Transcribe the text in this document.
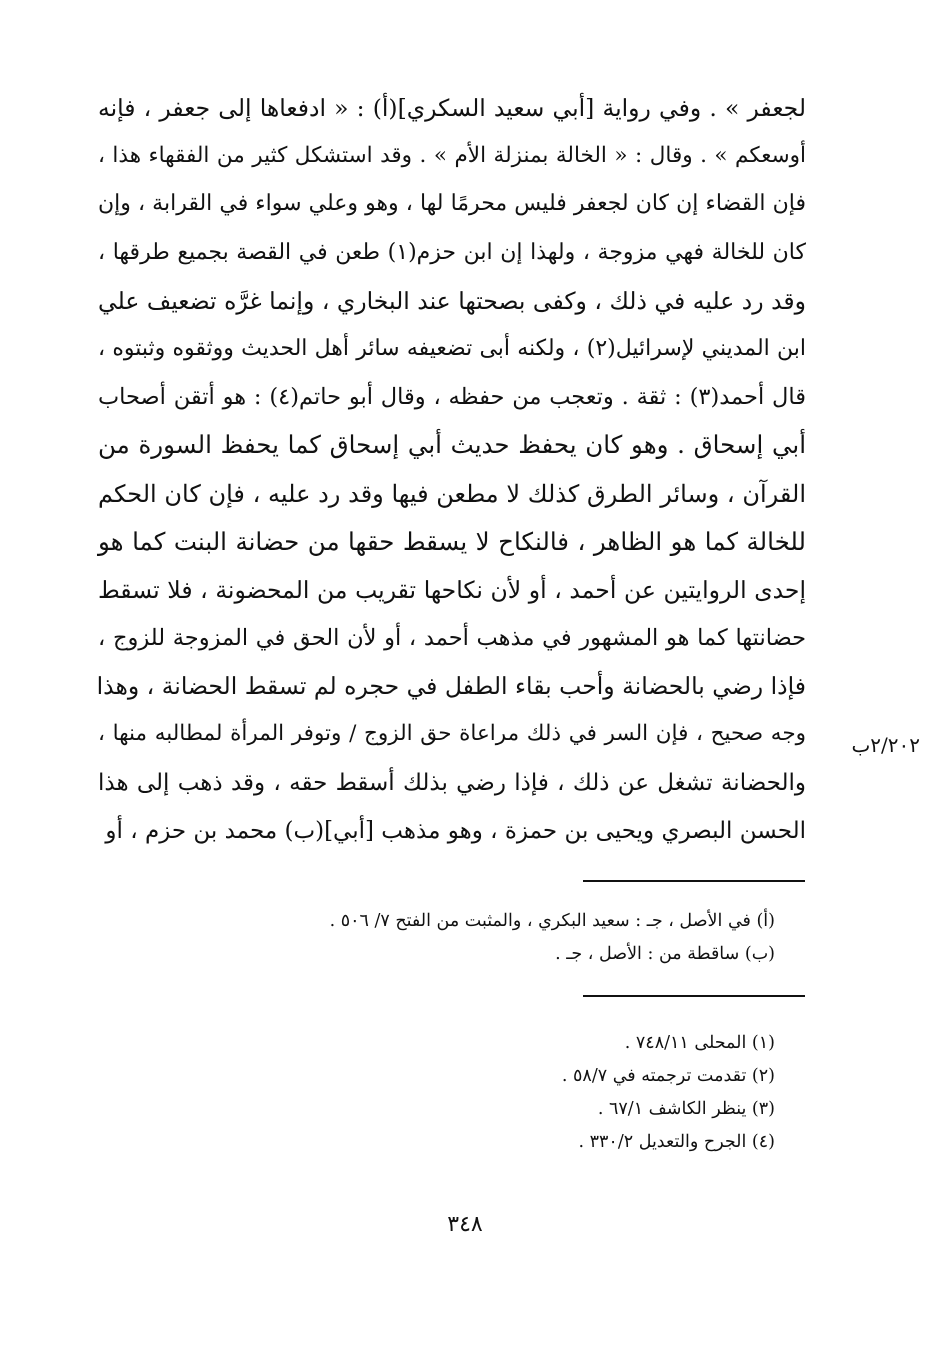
لجعفر » . وفي رواية [أبي سعيد السكري](أ) : « ادفعاها إلى جعفر ، فإنه
أوسعكم » . وقال : « الخالة بمنزلة الأم » . وقد استشكل كثير من الفقهاء هذا ،
فإن القضاء إن كان لجعفر فليس محرمًا لها ، وهو وعلي سواء في القرابة ، وإن
كان للخالة فهي مزوجة ، ولهذا إن ابن حزم(١) طعن في القصة بجميع طرقها ،
وقد رد عليه في ذلك ، وكفى بصحتها عند البخاري ، وإنما غرَّه تضعيف علي
ابن المديني لإسرائيل(٢) ، ولكنه أبى تضعيفه سائر أهل الحديث ووثقوه وثبتوه ،
قال أحمد(٣) : ثقة . وتعجب من حفظه ، وقال أبو حاتم(٤) : هو أتقن أصحاب
أبي إسحاق . وهو كان يحفظ حديث أبي إسحاق كما يحفظ السورة من
القرآن ، وسائر الطرق كذلك لا مطعن فيها وقد رد عليه ، فإن كان الحكم
للخالة كما هو الظاهر ، فالنكاح لا يسقط حقها من حضانة البنت كما هو
إحدى الروايتين عن أحمد ، أو لأن نكاحها تقريب من المحضونة ، فلا تسقط
حضانتها كما هو المشهور في مذهب أحمد ، أو لأن الحق في المزوجة للزوج ،
فإذا رضي بالحضانة وأحب بقاء الطفل في حجره لم تسقط الحضانة ، وهذا
وجه صحيح ، فإن السر في ذلك مراعاة حق الزوج / وتوفر المرأة لمطالبه منها ،
والحضانة تشغل عن ذلك ، فإذا رضي بذلك أسقط حقه ، وقد ذهب إلى هذا
الحسن البصري ويحيى بن حمزة ، وهو مذهب [أبي](ب) محمد بن حزم ، أو
٢/٢٠٢ب
(أ) في الأصل ، جـ : سعيد البكري ، والمثبت من الفتح ٧/ ٥٠٦ .
(ب) ساقطة من : الأصل ، جـ .
(١) المحلى ٧٤٨/١١ .
(٢) تقدمت ترجمته في ٥٨/٧ .
(٣) ينظر الكاشف ٦٧/١ .
(٤) الجرح والتعديل ٣٣٠/٢ .
٣٤٨
